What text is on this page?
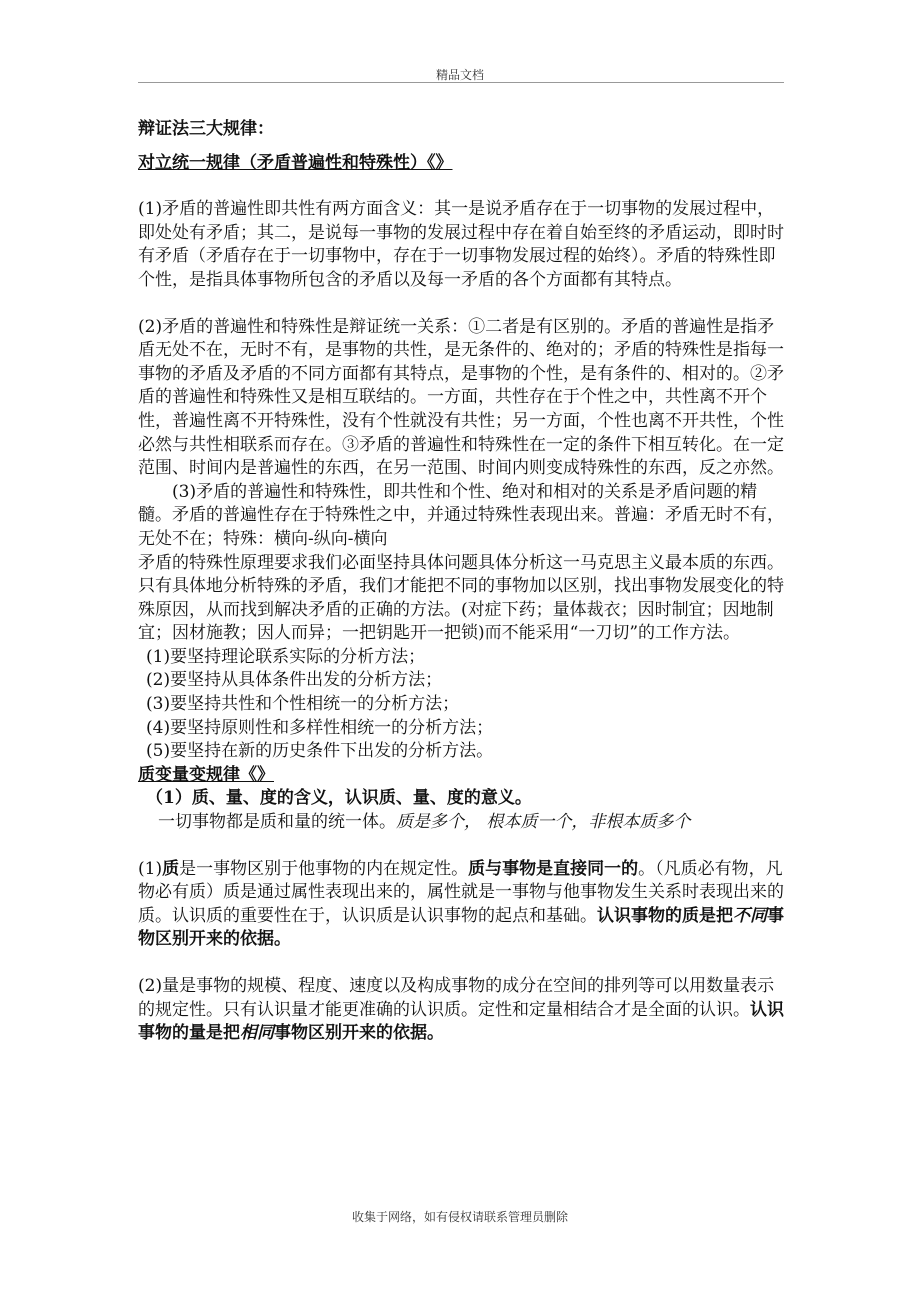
精品文档

辩证法三大规律：

对立统一规律（矛盾普遍性和特殊性）《》

(1)矛盾的普遍性即共性有两方面含义：其一是说矛盾存在于一切事物的发展过程中，即处处有矛盾；其二，是说每一事物的发展过程中存在着自始至终的矛盾运动，即时时有矛盾（矛盾存在于一切事物中，存在于一切事物发展过程的始终）。矛盾的特殊性即个性，是指具体事物所包含的矛盾以及每一矛盾的各个方面都有其特点。

(2)矛盾的普遍性和特殊性是辩证统一关系：①二者是有区别的。矛盾的普遍性是指矛盾无处不在，无时不有，是事物的共性，是无条件的、绝对的；矛盾的特殊性是指每一事物的矛盾及矛盾的不同方面都有其特点，是事物的个性，是有条件的、相对的。②矛盾的普遍性和特殊性又是相互联结的。一方面，共性存在于个性之中，共性离不开个性，普遍性离不开特殊性，没有个性就没有共性；另一方面，个性也离不开共性，个性必然与共性相联系而存在。③矛盾的普遍性和特殊性在一定的条件下相互转化。在一定范围、时间内是普遍性的东西，在另一范围、时间内则变成特殊性的东西，反之亦然。

(3)矛盾的普遍性和特殊性，即共性和个性、绝对和相对的关系是矛盾问题的精髓。矛盾的普遍性存在于特殊性之中，并通过特殊性表现出来。普遍：矛盾无时不有，无处不在；特殊：横向-纵向-横向

矛盾的特殊性原理要求我们必面坚持具体问题具体分析这一马克思主义最本质的东西。只有具体地分析特殊的矛盾，我们才能把不同的事物加以区别，找出事物发展变化的特殊原因，从而找到解决矛盾的正确的方法。(对症下药；量体裁衣；因时制宜；因地制宜；因材施教；因人而异；一把钥匙开一把锁)而不能采用“一刀切”的工作方法。

(1)要坚持理论联系实际的分析方法；

(2)要坚持从具体条件出发的分析方法；

(3)要坚持共性和个性相统一的分析方法；

(4)要坚持原则性和多样性相统一的分析方法；

(5)要坚持在新的历史条件下出发的分析方法。

质变量变规律《》

（1）质、量、度的含义，认识质、量、度的意义。

一切事物都是质和量的统一体。质是多个， 根本质一个，非根本质多个

(1)质是一事物区别于他事物的内在规定性。质与事物是直接同一的。（凡质必有物，凡物必有质）质是通过属性表现出来的，属性就是一事物与他事物发生关系时表现出来的质。认识质的重要性在于，认识质是认识事物的起点和基础。认识事物的质是把不同事物区别开来的依据。

(2)量是事物的规模、程度、速度以及构成事物的成分在空间的排列等可以用数量表示的规定性。只有认识量才能更准确的认识质。定性和定量相结合才是全面的认识。认识事物的量是把相同事物区别开来的依据。

收集于网络，如有侵权请联系管理员删除
